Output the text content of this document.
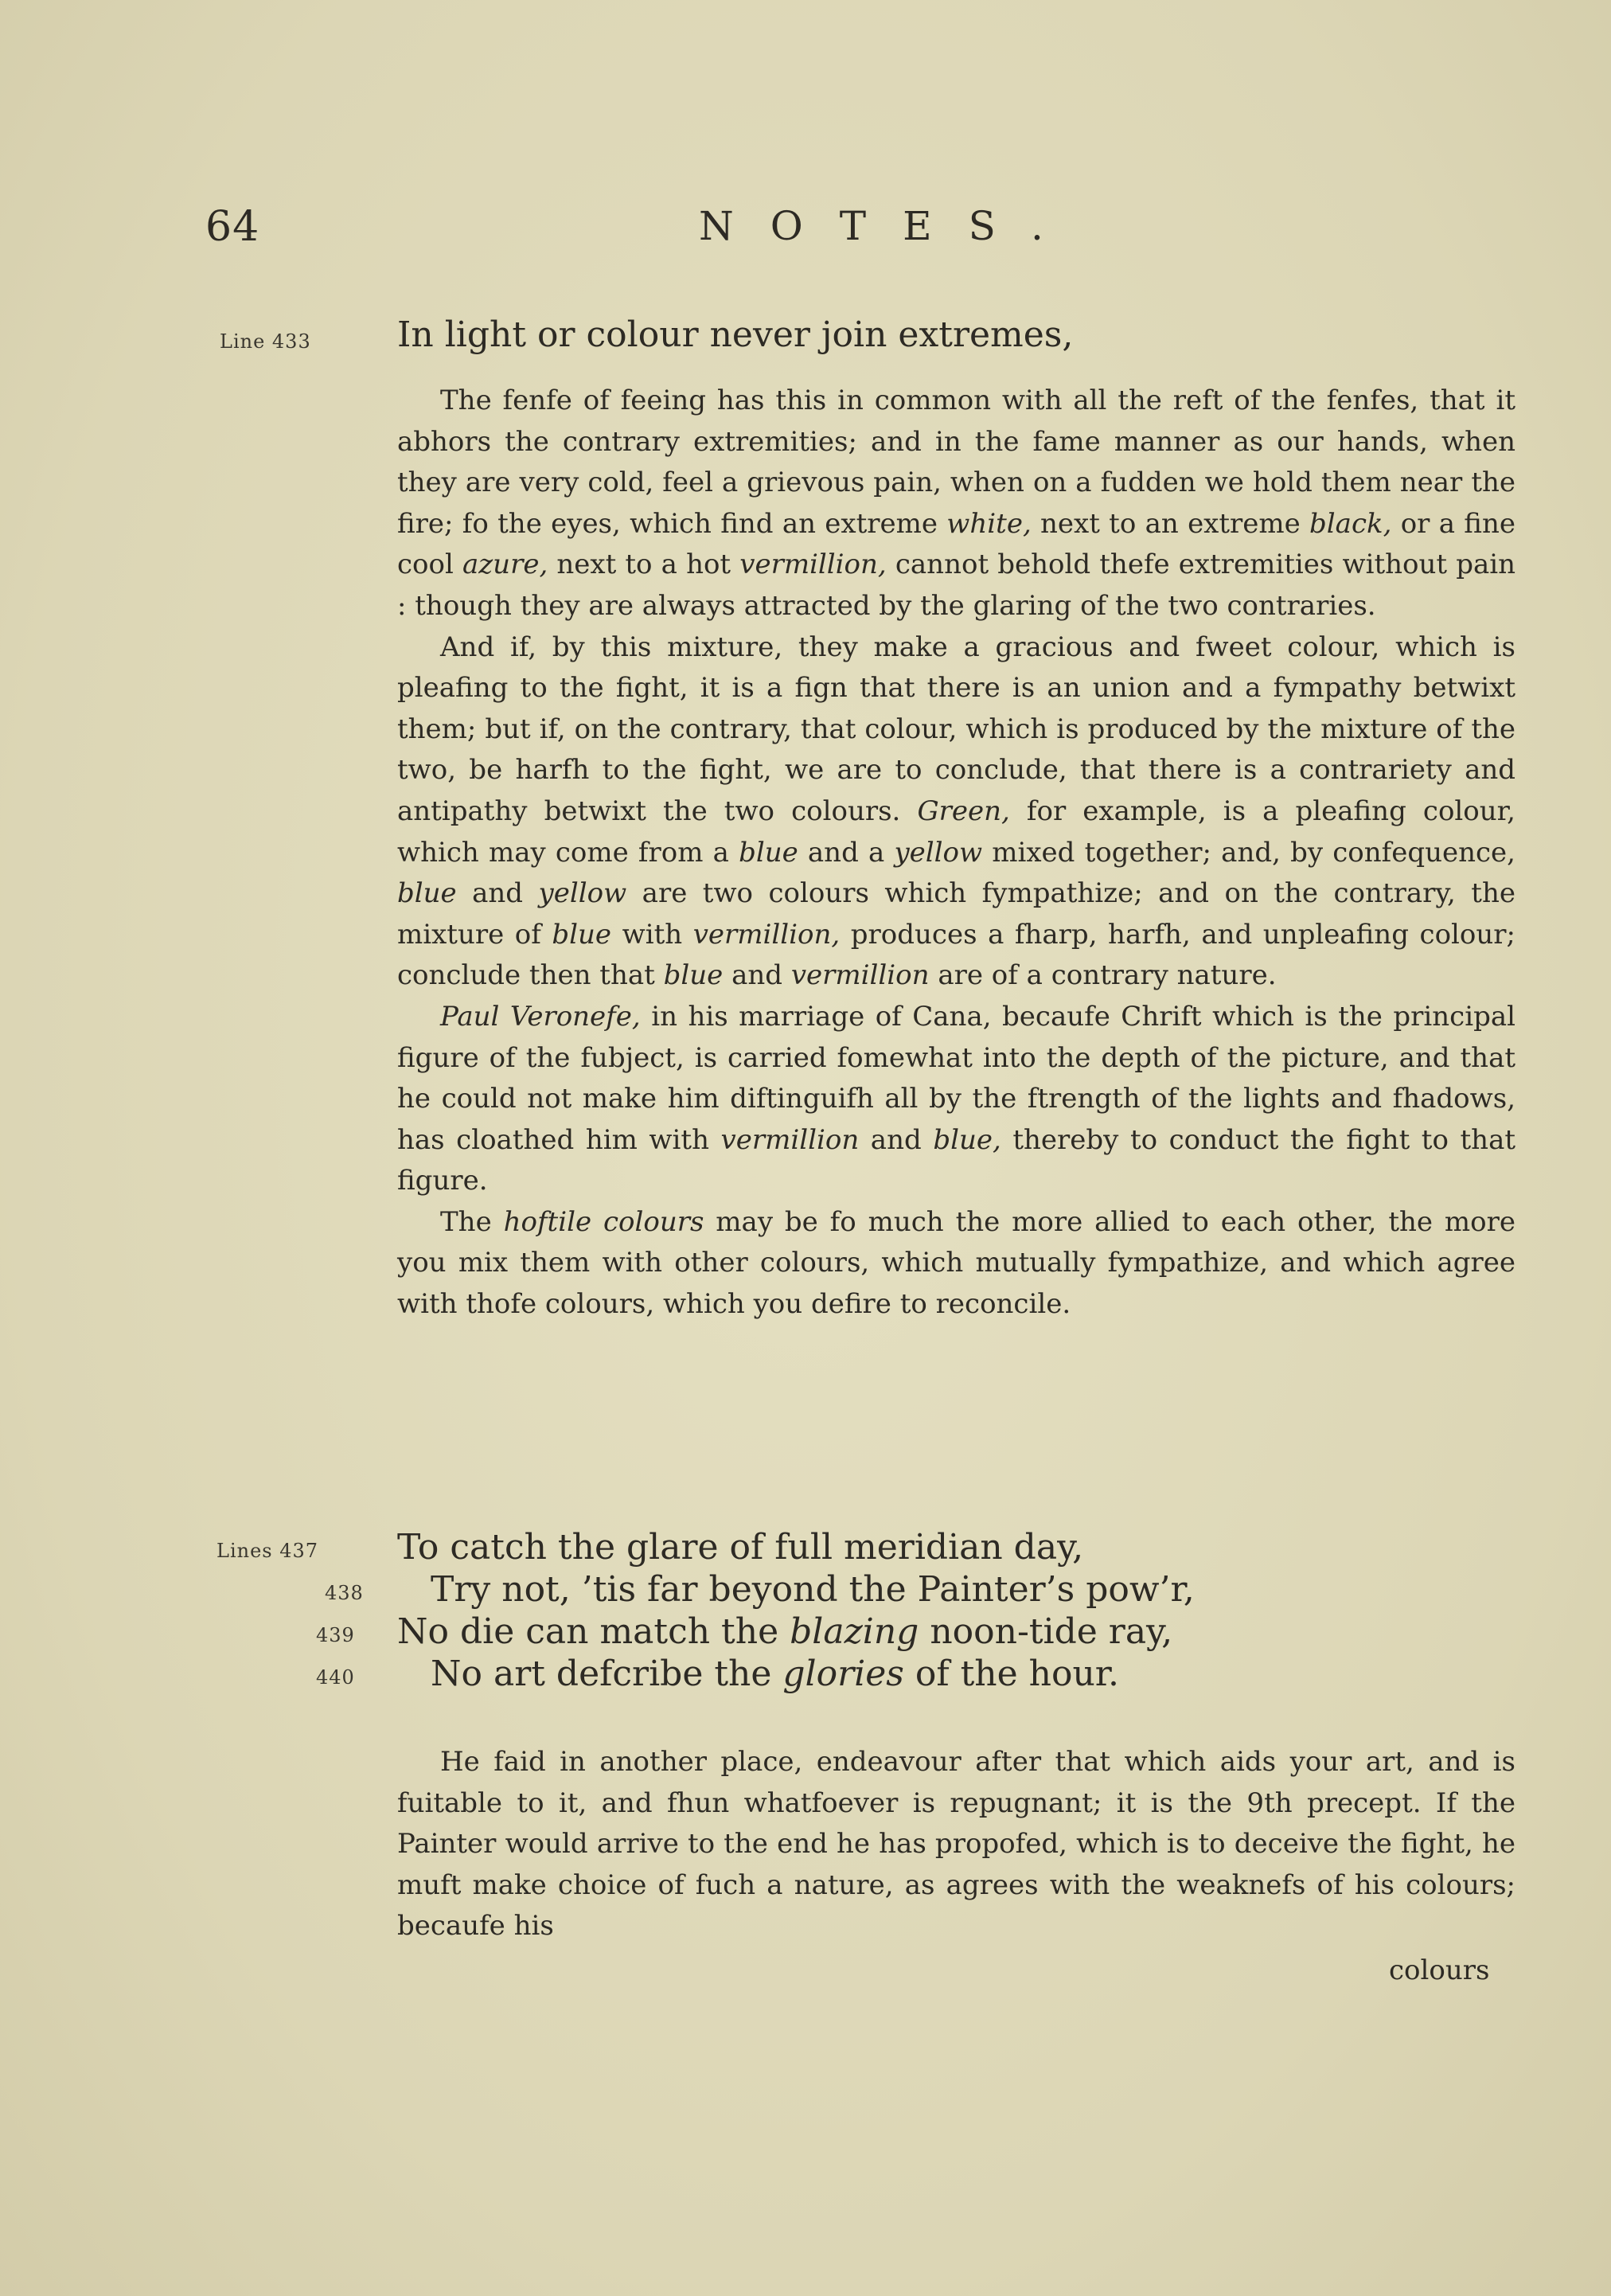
64	NOTES.
Line 433 In light or colour never join extremes,

The fenfe of feeing has this in common with all the reft of the fenfes, that it abhors the contrary extremities; and in the fame manner as our hands, when they are very cold, feel a grievous pain, when on a fudden we hold them near the fire; fo the eyes, which find an extreme white, next to an extreme black, or a fine cool azure, next to a hot vermillion, cannot behold thefe extremities without pain : though they are always attracted by the glaring of the two contraries.

And if, by this mixture, they make a gracious and fweet colour, which is pleafing to the fight, it is a fign that there is an union and a fympathy betwixt them; but if, on the contrary, that colour, which is produced by the mixture of the two, be harfh to the fight, we are to conclude, that there is a contrariety and antipathy betwixt the two colours. Green, for example, is a pleafing colour, which may come from a blue and a yellow mixed together; and, by confequence, blue and yellow are two colours which fympathize; and on the contrary, the mixture of blue with vermillion, produces a fharp, harfh, and unpleafing colour; conclude then that blue and vermillion are of a contrary nature.

Paul Veronefe, in his marriage of Cana, becaufe Chrift which is the principal figure of the fubject, is carried fomewhat into the depth of the picture, and that he could not make him diftinguifh all by the ftrength of the lights and fhadows, has cloathed him with vermillion and blue, thereby to conduct the fight to that figure.

The hoftile colours may be fo much the more allied to each other, the more you mix them with other colours, which mutually fympathize, and which agree with thofe colours, which you defire to reconcile.

Lines 437
438
439
440
To catch the glare of full meridian day,
Try not, ’tis far beyond the Painter’s pow’r,
No die can match the blazing noon-tide ray,
No art defcribe the glories of the hour.

He faid in another place, endeavour after that which aids your art, and is fuitable to it, and fhun whatfoever is repugnant; it is the 9th precept. If the Painter would arrive to the end he has propofed, which is to deceive the fight, he muft make choice of fuch a nature, as agrees with the weaknefs of his colours; becaufe his

colours
